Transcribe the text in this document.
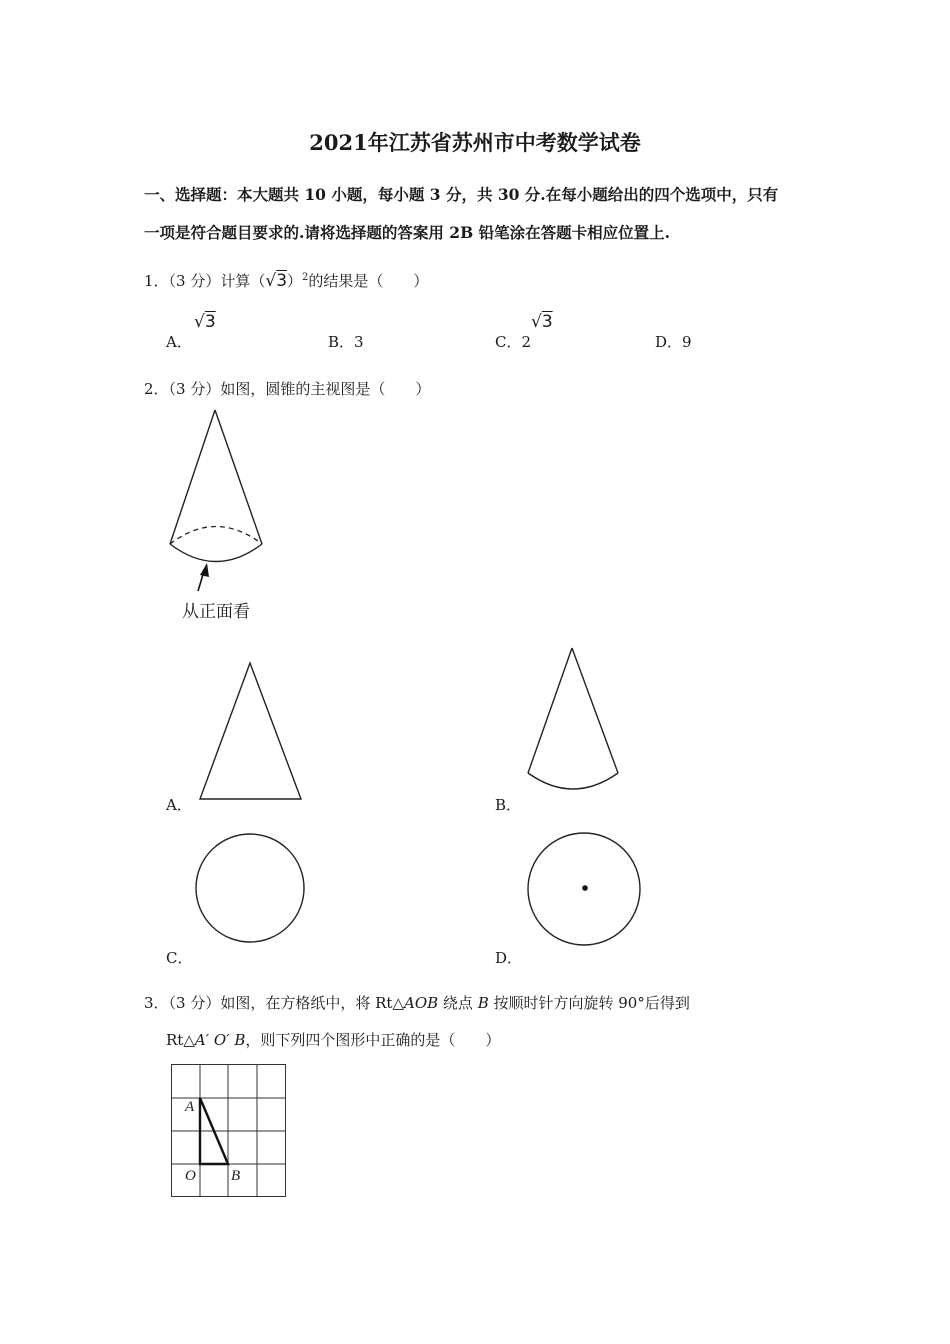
2021年江苏省苏州市中考数学试卷
一、选择题：本大题共 10 小题，每小题 3 分，共 30 分.在每小题给出的四个选项中，只有
一项是符合题目要求的.请将选择题的答案用 2B 铅笔涂在答题卡相应位置上.
1．（3 分）计算$(√3)^2$的结果是（　　）
A．
√3
B．3	C．2
√3
D．9
2．（3 分）如图，圆锥的主视图是（　　）
从正面看
A．	B．
C．	D．
3．（3 分）如图，在方格纸中，将 Rt△AOB 绕点 B 按顺时针方向旋转 90°后得到
Rt△A′ O′ B，则下列四个图形中正确的是（　　）
A
O B
